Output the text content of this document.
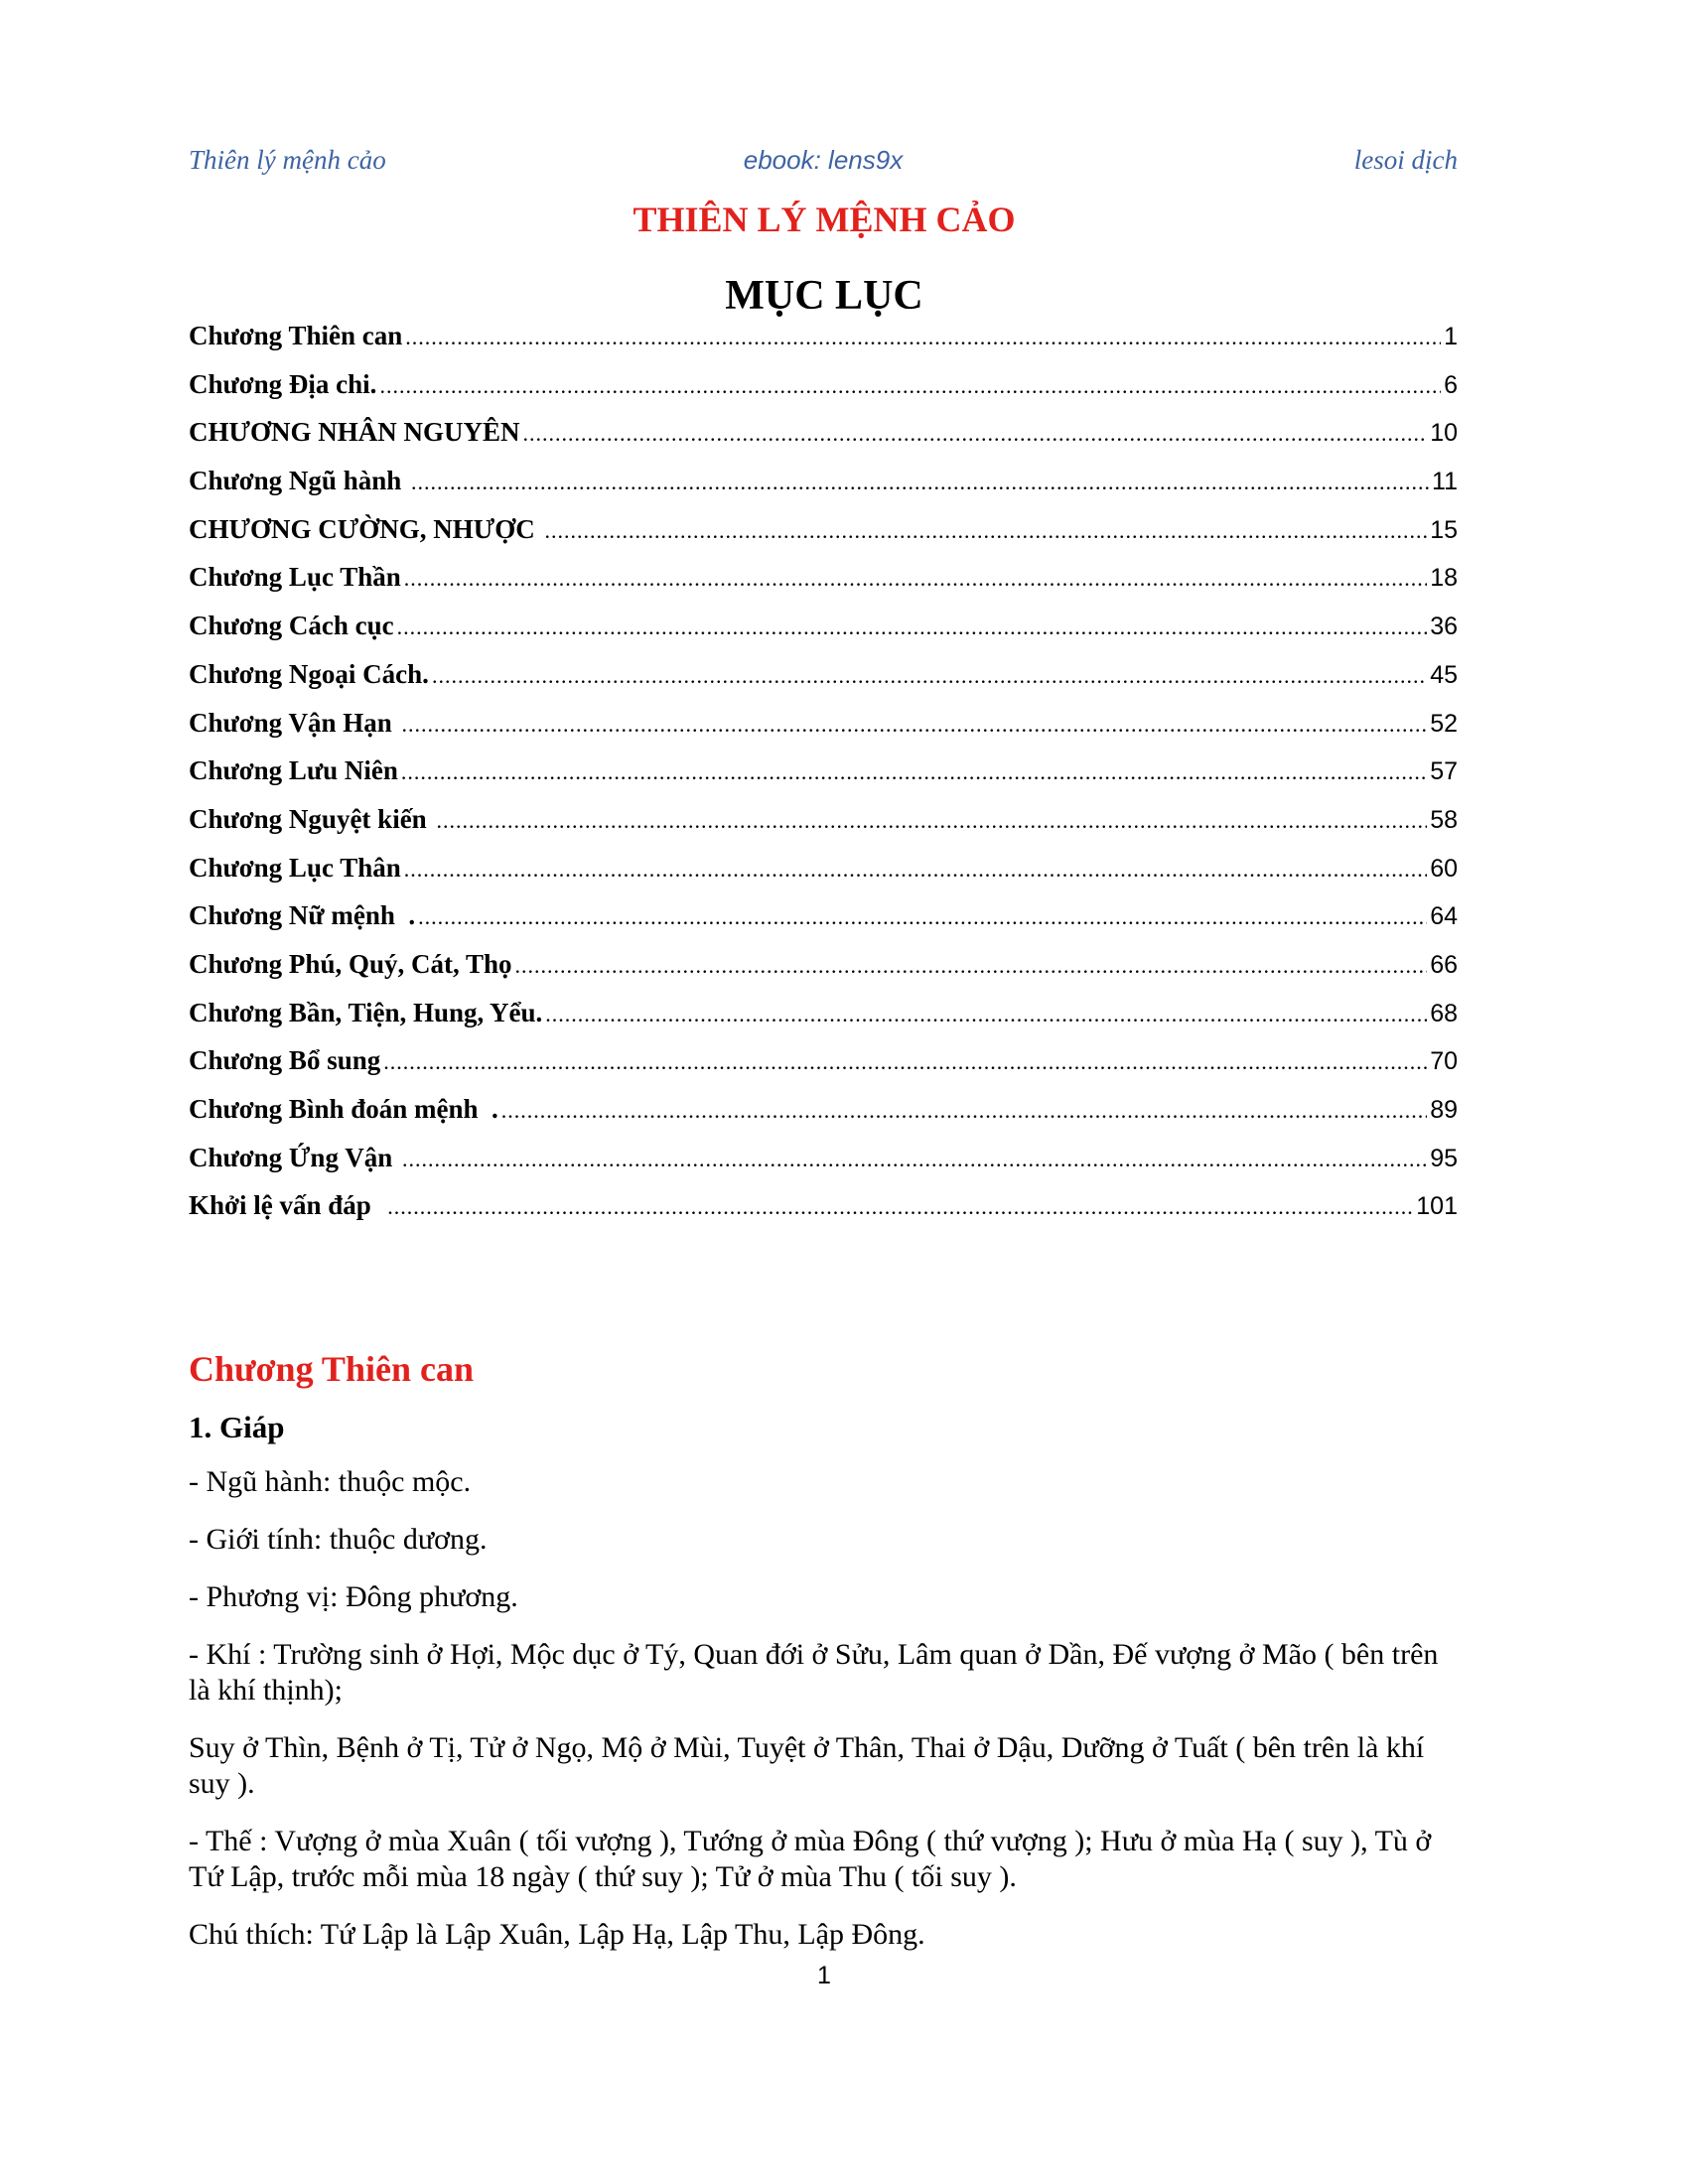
Thiên lý mệnh cảo	ebook: lens9x	lesoi dịch
THIÊN LÝ MỆNH CẢO
MỤC LỤC
Chương Thiên can .....	1
Chương Địa chi. .....	6
CHƯƠNG NHÂN NGUYÊN .....	10
Chương Ngũ hành .....	11
CHƯƠNG CƯỜNG, NHƯỢC .....	15
Chương Lục Thần .....	18
Chương Cách cục .....	36
Chương Ngoại Cách. .....	45
Chương Vận Hạn .....	52
Chương Lưu Niên .....	57
Chương Nguyệt kiến .....	58
Chương Lục Thân .....	60
Chương Nữ mệnh  . .....	64
Chương Phú, Quý, Cát, Thọ .....	66
Chương Bần, Tiện, Hung, Yểu. .....	68
Chương Bổ sung .....	70
Chương Bình đoán mệnh  . .....	89
Chương Ứng Vận .....	95
Khởi lệ vấn đáp .....	101
Chương Thiên can
1. Giáp

- Ngũ hành: thuộc mộc.

- Giới tính: thuộc dương.

- Phương vị: Đông phương.

- Khí : Trường sinh ở Hợi, Mộc dục ở Tý, Quan đới ở Sửu, Lâm quan ở Dần, Đế vượng ở Mão ( bên trên là khí thịnh);

Suy ở Thìn, Bệnh ở Tị, Tử ở Ngọ, Mộ ở Mùi, Tuyệt ở Thân, Thai ở Dậu, Dưỡng ở Tuất ( bên trên là khí suy ).

- Thế : Vượng ở mùa Xuân ( tối vượng ), Tướng ở mùa Đông ( thứ vượng ); Hưu ở mùa Hạ ( suy ), Tù ở Tứ Lập, trước mỗi mùa 18 ngày ( thứ suy ); Tử ở mùa Thu ( tối suy ).

Chú thích: Tứ Lập là Lập Xuân, Lập Hạ, Lập Thu, Lập Đông.

1
